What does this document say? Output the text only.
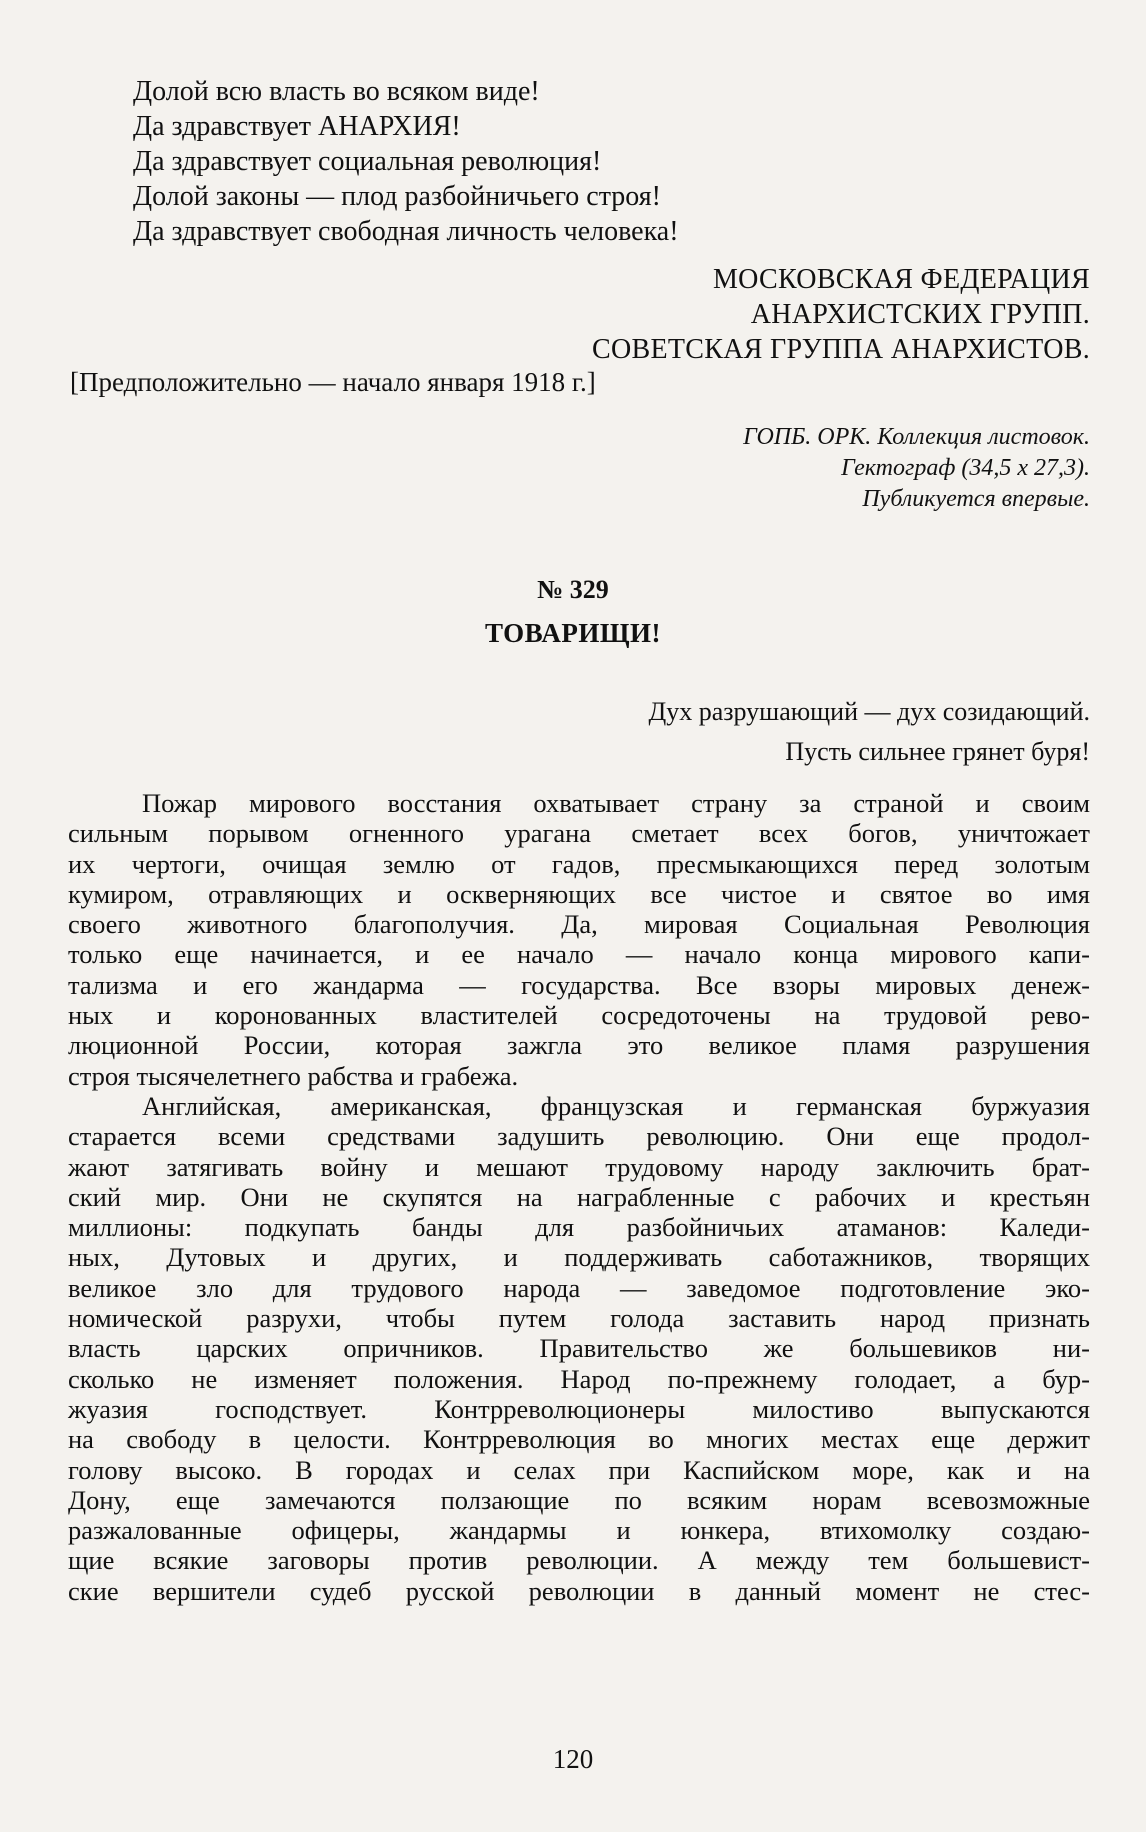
Долой всю власть во всяком виде!
Да здравствует АНАРХИЯ!
Да здравствует социальная революция!
Долой законы — плод разбойничьего строя!
Да здравствует свободная личность человека!
МОСКОВСКАЯ ФЕДЕРАЦИЯ
АНАРХИСТСКИХ ГРУПП.
СОВЕТСКАЯ ГРУППА АНАРХИСТОВ.
[Предположительно — начало января 1918 г.]
ГОПБ. ОРК. Коллекция листовок.
Гектограф (34,5 х 27,3).
Публикуется впервые.
№ 329
ТОВАРИЩИ!
Дух разрушающий — дух созидающий.
Пусть сильнее грянет буря!
Пожар мирового восстания охватывает страну за страной и своим
сильным порывом огненного урагана сметает всех богов, уничтожает
их чертоги, очищая землю от гадов, пресмыкающихся перед золотым
кумиром, отравляющих и оскверняющих все чистое и святое во имя
своего животного благополучия. Да, мировая Социальная Революция
только еще начинается, и ее начало — начало конца мирового капи-
тализма и его жандарма — государства. Все взоры мировых денеж-
ных и коронованных властителей сосредоточены на трудовой рево-
люционной России, которая зажгла это великое пламя разрушения
строя тысячелетнего рабства и грабежа.
Английская, американская, французская и германская буржуазия
старается всеми средствами задушить революцию. Они еще продол-
жают затягивать войну и мешают трудовому народу заключить брат-
ский мир. Они не скупятся на награбленные с рабочих и крестьян
миллионы: подкупать банды для разбойничьих атаманов: Каледи-
ных, Дутовых и других, и поддерживать саботажников, творящих
великое зло для трудового народа — заведомое подготовление эко-
номической разрухи, чтобы путем голода заставить народ признать
власть царских опричников. Правительство же большевиков ни-
сколько не изменяет положения. Народ по-прежнему голодает, а бур-
жуазия господствует. Контрреволюционеры милостиво выпускаются
на свободу в целости. Контрреволюция во многих местах еще держит
голову высоко. В городах и селах при Каспийском море, как и на
Дону, еще замечаются ползающие по всяким норам всевозможные
разжалованные офицеры, жандармы и юнкера, втихомолку создаю-
щие всякие заговоры против революции. А между тем большевист-
ские вершители судеб русской революции в данный момент не стес-
120
